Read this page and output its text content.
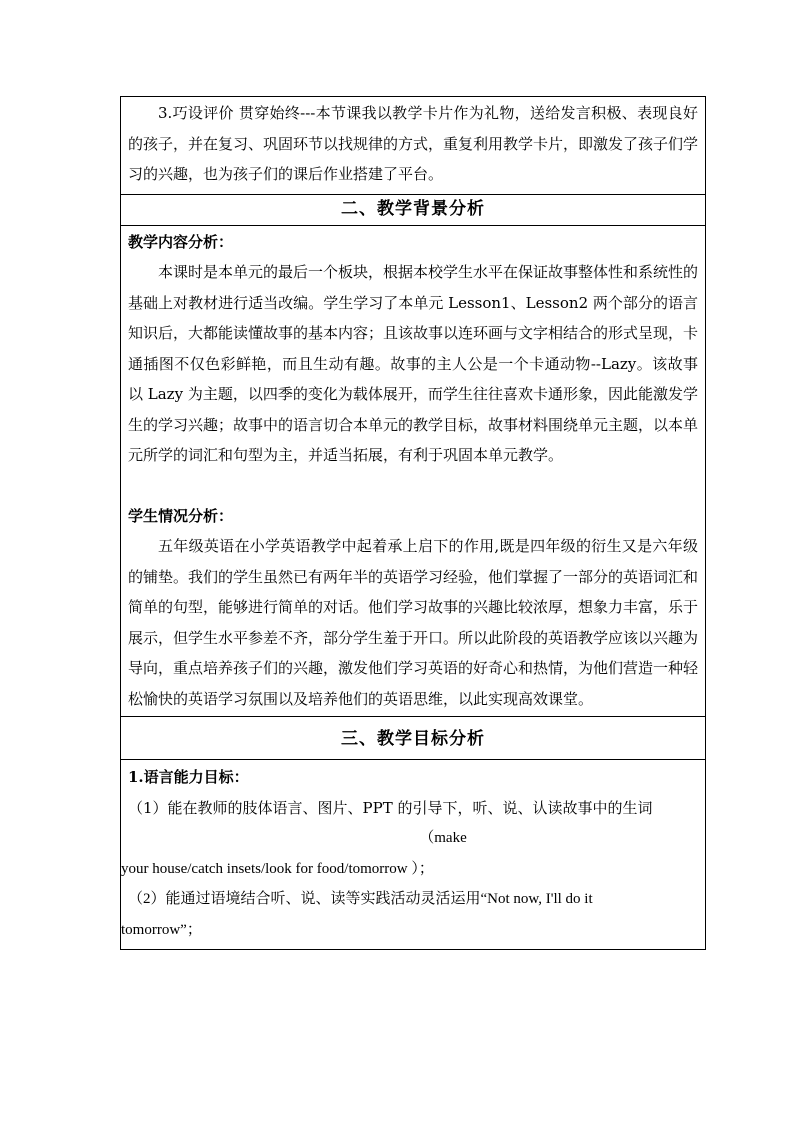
3.巧设评价 贯穿始终---本节课我以教学卡片作为礼物，送给发言积极、表现良好的孩子，并在复习、巩固环节以找规律的方式，重复利用教学卡片，即激发了孩子们学习的兴趣，也为孩子们的课后作业搭建了平台。

二、教学背景分析

教学内容分析：

本课时是本单元的最后一个板块，根据本校学生水平在保证故事整体性和系统性的基础上对教材进行适当改编。学生学习了本单元 Lesson1、Lesson2 两个部分的语言知识后，大都能读懂故事的基本内容；且该故事以连环画与文字相结合的形式呈现，卡通插图不仅色彩鲜艳，而且生动有趣。故事的主人公是一个卡通动物--Lazy。该故事以 Lazy 为主题，以四季的变化为载体展开，而学生往往喜欢卡通形象，因此能激发学生的学习兴趣；故事中的语言切合本单元的教学目标，故事材料围绕单元主题，以本单元所学的词汇和句型为主，并适当拓展，有利于巩固本单元教学。

学生情况分析：

五年级英语在小学英语教学中起着承上启下的作用,既是四年级的衍生又是六年级的铺垫。我们的学生虽然已有两年半的英语学习经验，他们掌握了一部分的英语词汇和简单的句型，能够进行简单的对话。他们学习故事的兴趣比较浓厚，想象力丰富，乐于展示，但学生水平参差不齐，部分学生羞于开口。所以此阶段的英语教学应该以兴趣为导向，重点培养孩子们的兴趣，激发他们学习英语的好奇心和热情，为他们营造一种轻松愉快的英语学习氛围以及培养他们的英语思维，以此实现高效课堂。

三、教学目标分析

1.语言能力目标：

（1）能在教师的肢体语言、图片、PPT 的引导下，听、说、认读故事中的生词

（make

your house/catch insets/look for food/tomorrow ）；

（2）能通过语境结合听、说、读等实践活动灵活运用“Not now, I'll do it

tomorrow”；
